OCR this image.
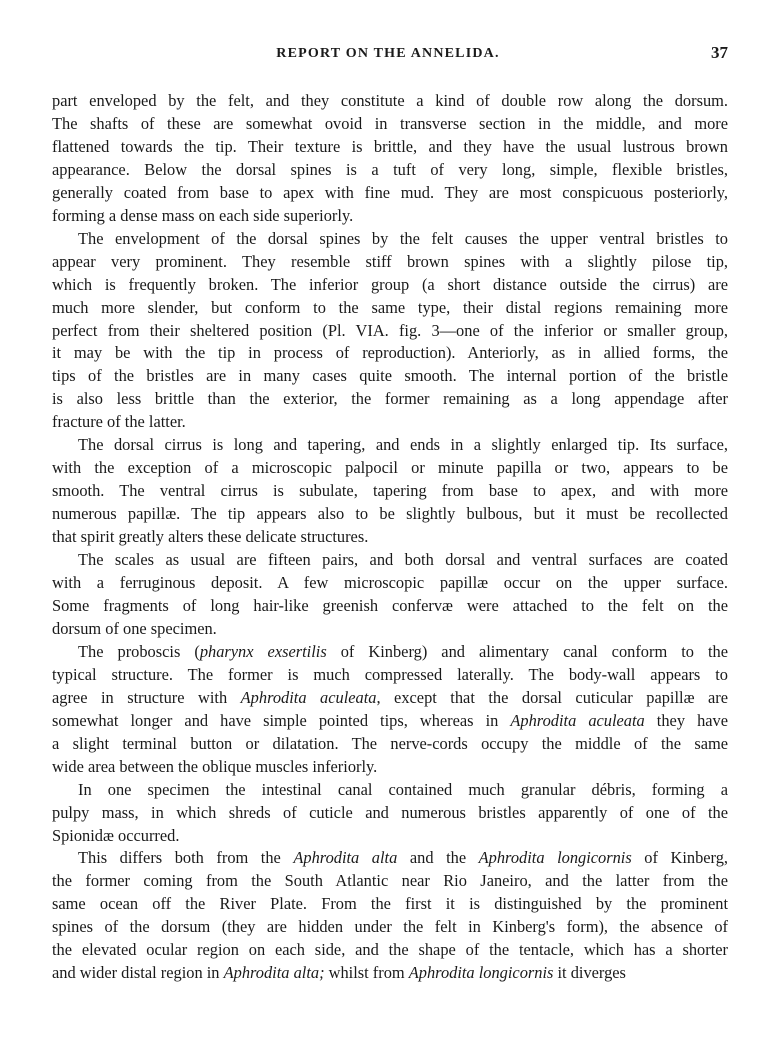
REPORT ON THE ANNELIDA.	37
part enveloped by the felt, and they constitute a kind of double row along the dorsum.
The shafts of these are somewhat ovoid in transverse section in the middle, and more
flattened towards the tip. Their texture is brittle, and they have the usual lustrous brown
appearance. Below the dorsal spines is a tuft of very long, simple, flexible bristles,
generally coated from base to apex with fine mud. They are most conspicuous posteriorly,
forming a dense mass on each side superiorly.
The envelopment of the dorsal spines by the felt causes the upper ventral bristles to
appear very prominent. They resemble stiff brown spines with a slightly pilose tip,
which is frequently broken. The inferior group (a short distance outside the cirrus) are
much more slender, but conform to the same type, their distal regions remaining more
perfect from their sheltered position (Pl. VIA. fig. 3—one of the inferior or smaller group,
it may be with the tip in process of reproduction). Anteriorly, as in allied forms, the
tips of the bristles are in many cases quite smooth. The internal portion of the bristle
is also less brittle than the exterior, the former remaining as a long appendage after
fracture of the latter.
The dorsal cirrus is long and tapering, and ends in a slightly enlarged tip. Its surface,
with the exception of a microscopic palpocil or minute papilla or two, appears to be
smooth. The ventral cirrus is subulate, tapering from base to apex, and with more
numerous papillæ. The tip appears also to be slightly bulbous, but it must be recollected
that spirit greatly alters these delicate structures.
The scales as usual are fifteen pairs, and both dorsal and ventral surfaces are coated
with a ferruginous deposit. A few microscopic papillæ occur on the upper surface.
Some fragments of long hair-like greenish confervæ were attached to the felt on the
dorsum of one specimen.
The proboscis (pharynx exsertilis of Kinberg) and alimentary canal conform to the
typical structure. The former is much compressed laterally. The body-wall appears to
agree in structure with Aphrodita aculeata, except that the dorsal cuticular papillæ are
somewhat longer and have simple pointed tips, whereas in Aphrodita aculeata they have
a slight terminal button or dilatation. The nerve-cords occupy the middle of the same
wide area between the oblique muscles inferiorly.
In one specimen the intestinal canal contained much granular débris, forming a
pulpy mass, in which shreds of cuticle and numerous bristles apparently of one of the
Spionidæ occurred.
This differs both from the Aphrodita alta and the Aphrodita longicornis of Kinberg,
the former coming from the South Atlantic near Rio Janeiro, and the latter from the
same ocean off the River Plate. From the first it is distinguished by the prominent
spines of the dorsum (they are hidden under the felt in Kinberg's form), the absence of
the elevated ocular region on each side, and the shape of the tentacle, which has a shorter
and wider distal region in Aphrodita alta; whilst from Aphrodita longicornis it diverges
